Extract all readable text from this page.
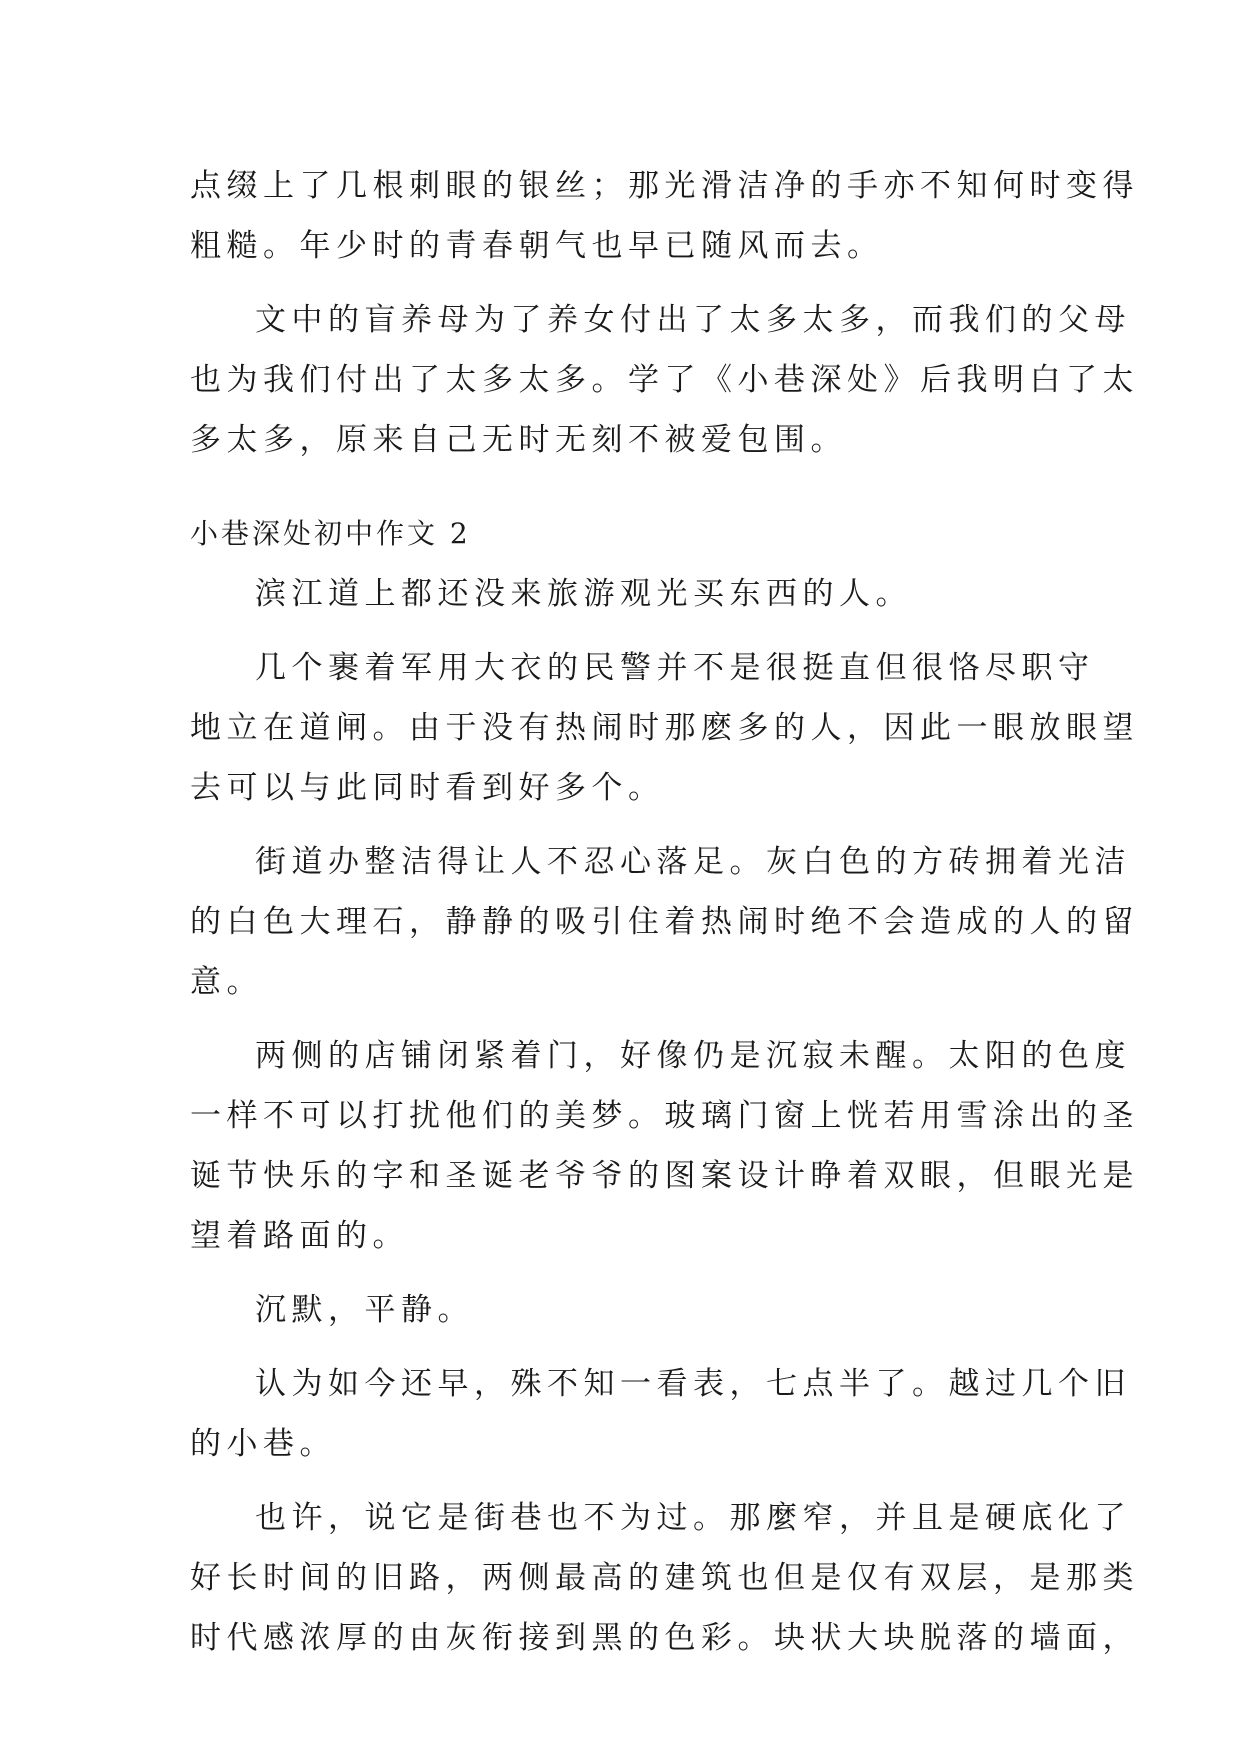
点缀上了几根刺眼的银丝；那光滑洁净的手亦不知何时变得
粗糙。年少时的青春朝气也早已随风而去。
文中的盲养母为了养女付出了太多太多，而我们的父母
也为我们付出了太多太多。学了《小巷深处》后我明白了太
多太多，原来自己无时无刻不被爱包围。
小巷深处初中作文 2
滨江道上都还没来旅游观光买东西的人。
几个裹着军用大衣的民警并不是很挺直但很恪尽职守
地立在道闸。由于没有热闹时那麽多的人，因此一眼放眼望
去可以与此同时看到好多个。
街道办整洁得让人不忍心落足。灰白色的方砖拥着光洁
的白色大理石，静静的吸引住着热闹时绝不会造成的人的留
意。
两侧的店铺闭紧着门，好像仍是沉寂未醒。太阳的色度
一样不可以打扰他们的美梦。玻璃门窗上恍若用雪涂出的圣
诞节快乐的字和圣诞老爷爷的图案设计睁着双眼，但眼光是
望着路面的。
沉默，平静。
认为如今还早，殊不知一看表，七点半了。越过几个旧
的小巷。
也许，说它是街巷也不为过。那麼窄，并且是硬底化了
好长时间的旧路，两侧最高的建筑也但是仅有双层，是那类
时代感浓厚的由灰衔接到黑的色彩。块状大块脱落的墙面，
